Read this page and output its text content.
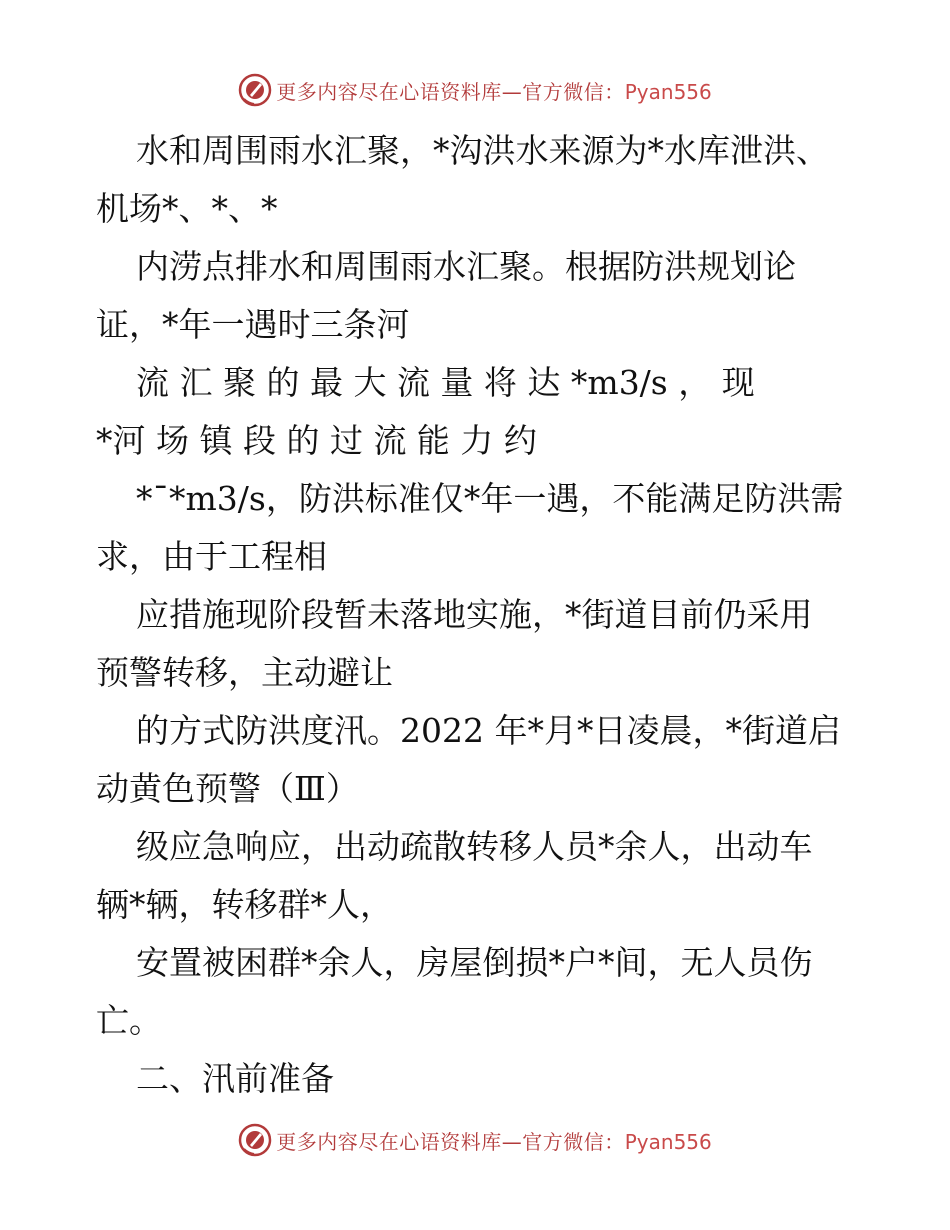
更多内容尽在心语资料库—官方微信：Pyan556
水和周围雨水汇聚，*沟洪水来源为*水库泄洪、
机场*、*、*
内涝点排水和周围雨水汇聚。根据防洪规划论
证，*年一遇时三条河
流 汇 聚 的 最 大 流 量 将 达 *m3/s ， 现
*河 场 镇 段 的 过 流 能 力 约
*¯*m3/s，防洪标准仅*年一遇，不能满足防洪需
求，由于工程相
应措施现阶段暂未落地实施，*街道目前仍采用
预警转移，主动避让
的方式防洪度汛。2022 年*月*日凌晨，*街道启
动黄色预警（Ⅲ）
级应急响应，出动疏散转移人员*余人，出动车
辆*辆，转移群*人，
安置被困群*余人，房屋倒损*户*间，无人员伤
亡。
二、汛前准备
更多内容尽在心语资料库—官方微信：Pyan556
